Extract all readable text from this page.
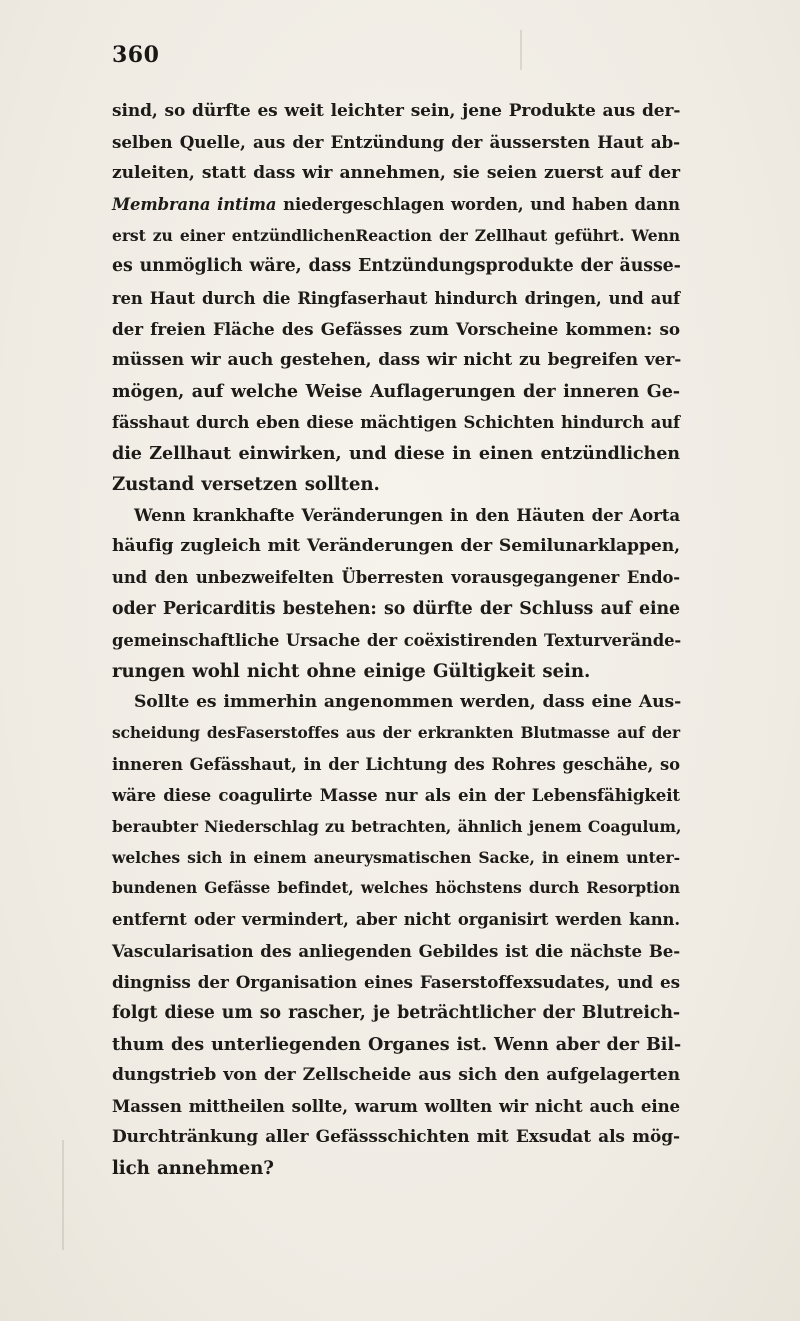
360
sind, so dürfte es weit leichter sein, jene Produkte aus der-
selben Quelle, aus der Entzündung der äussersten Haut ab-
zuleiten, statt dass wir annehmen, sie seien zuerst auf der
Membrana intima niedergeschlagen worden, und haben dann
erst zu einer entzündlichenReaction der Zellhaut geführt. Wenn
es unmöglich wäre, dass Entzündungsprodukte der äusse-
ren Haut durch die Ringfaserhaut hindurch dringen, und auf
der freien Fläche des Gefässes zum Vorscheine kommen: so
müssen wir auch gestehen, dass wir nicht zu begreifen ver-
mögen, auf welche Weise Auflagerungen der inneren Ge-
fässhaut durch eben diese mächtigen Schichten hindurch auf
die Zellhaut einwirken, und diese in einen entzündlichen
Zustand versetzen sollten.
Wenn krankhafte Veränderungen in den Häuten der Aorta
häufig zugleich mit Veränderungen der Semilunarklappen,
und den unbezweifelten Überresten vorausgegangener Endo-
oder Pericarditis bestehen: so dürfte der Schluss auf eine
gemeinschaftliche Ursache der coëxistirenden Texturverände-
rungen wohl nicht ohne einige Gültigkeit sein.
Sollte es immerhin angenommen werden, dass eine Aus-
scheidung desFaserstoffes aus der erkrankten Blutmasse auf der
inneren Gefässhaut, in der Lichtung des Rohres geschähe, so
wäre diese coagulirte Masse nur als ein der Lebensfähigkeit
beraubter Niederschlag zu betrachten, ähnlich jenem Coagulum,
welches sich in einem aneurysmatischen Sacke, in einem unter-
bundenen Gefässe befindet, welches höchstens durch Resorption
entfernt oder vermindert, aber nicht organisirt werden kann.
Vascularisation des anliegenden Gebildes ist die nächste Be-
dingniss der Organisation eines Faserstoffexsudates, und es
folgt diese um so rascher, je beträchtlicher der Blutreich-
thum des unterliegenden Organes ist. Wenn aber der Bil-
dungstrieb von der Zellscheide aus sich den aufgelagerten
Massen mittheilen sollte, warum wollten wir nicht auch eine
Durchtränkung aller Gefässschichten mit Exsudat als mög-
lich annehmen?
